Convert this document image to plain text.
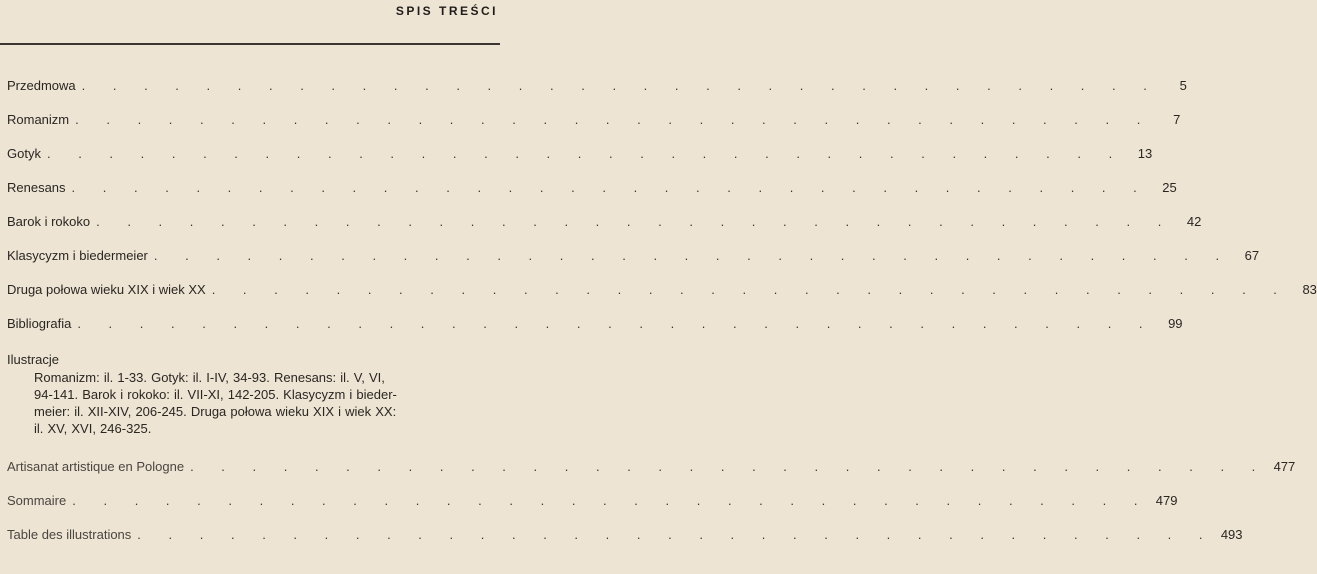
SPIS TREŚCI
Przedmowa . . . . . . . . . . . . . . . . . . . . . . . . . . . . . . . . . . .	5
Romanizm . . . . . . . . . . . . . . . . . . . . . . . . . . . . . . . . . . .	7
Gotyk . . . . . . . . . . . . . . . . . . . . . . . . . . . . . . . . . . .	13
Renesans . . . . . . . . . . . . . . . . . . . . . . . . . . . . . . . . . . .	25
Barok i rokoko . . . . . . . . . . . . . . . . . . . . . . . . . . . . . . . . . . .	42
Klasycyzm i biedermeier . . . . . . . . . . . . . . . . . . . . . . . . . . . . . . . . . . .	67
Druga połowa wieku XIX i wiek XX . . . . . . . . . . . . . . . . . . . . . . . . . . . . . . . . . . .	83
Bibliografia . . . . . . . . . . . . . . . . . . . . . . . . . . . . . . . . . . .	99
Ilustracje
Romanizm: il. 1-33. Gotyk: il. I-IV, 34-93. Renesans: il. V, VI,
94-141. Barok i rokoko: il. VII-XI, 142-205. Klasycyzm i bieder-
meier: il. XII-XIV, 206-245. Druga połowa wieku XIX i wiek XX:
il. XV, XVI, 246-325.
Artisanat artistique en Pologne . . . . . . . . . . . . . . . . . . . . . . . . . . . . . . . . . . . 477
Sommaire . . . . . . . . . . . . . . . . . . . . . . . . . . . . . . . . . . . 479
Table des illustrations . . . . . . . . . . . . . . . . . . . . . . . . . . . . . . . . . . . 493
